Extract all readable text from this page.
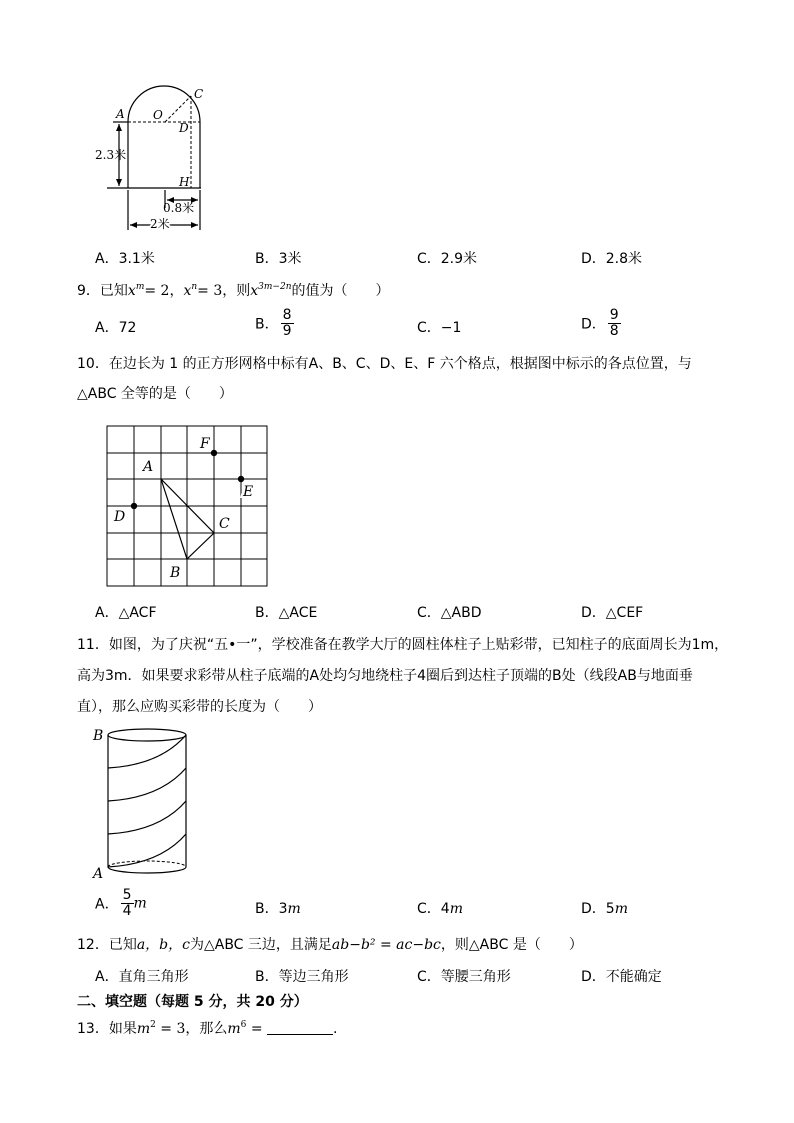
C
A O
D
H
2.3米
0.8米
2米
A．3.1米	B．3米	C．2.9米	D．2.8米
9．已知$x^m= 2$，$x^n= 3$，则$x^{3m-2n}$的值为（　　）
A．72	B． $\frac{8}{9}$	C．−1	D． $\frac{9}{8}$
10．在边长为 1 的正方形网格中标有A、B、C、D、E、F 六个格点，根据图中标示的各点位置，与
△ABC 全等的是（　　）
A
B
C
D
E
F
A．△ACF	B．△ACE	C．△ABD	D．△CEF
11．如图，为了庆祝“五•一”，学校准备在教学大厅的圆柱体柱子上贴彩带，已知柱子的底面周长为1m，
高为3m．如果要求彩带从柱子底端的A处均匀地绕柱子4圈后到达柱子顶端的B处（线段AB与地面垂
直），那么应购买彩带的长度为（　　）
B
A
A． $\frac{5}{4}$ m	B．3m	C．4m	D．5m
12．已知a，b，c为△ABC 三边，且满足ab−b² = ac−bc，则△ABC 是（　　）
A．直角三角形	B．等边三角形	C．等腰三角形	D．不能确定
二、填空题（每题 5 分，共 20 分）
13．如果$m^2 = 3$，那么$m^6$ =	.
